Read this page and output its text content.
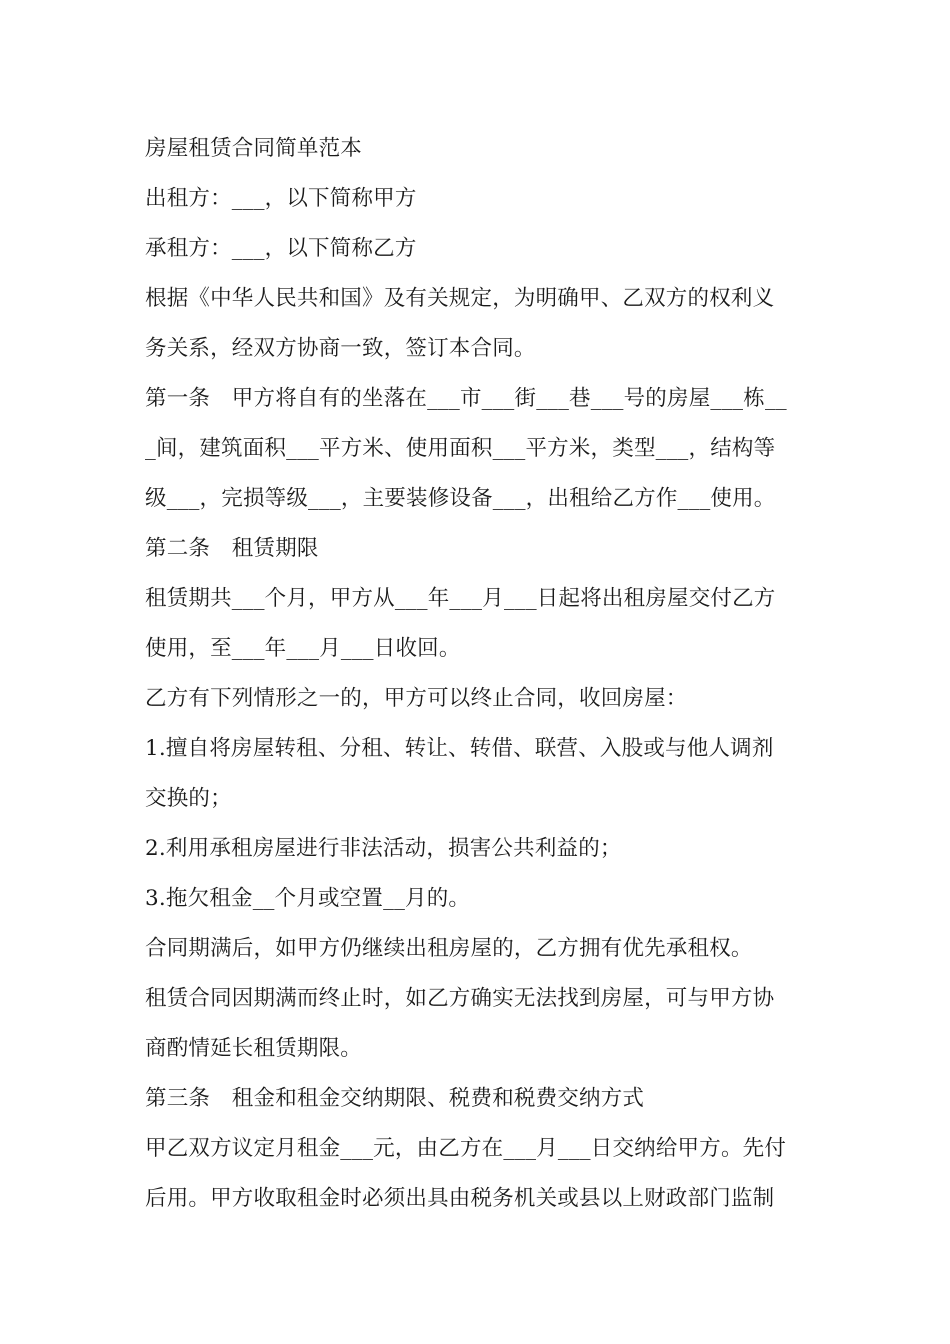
房屋租赁合同简单范本
出租方：___，以下简称甲方
承租方：___，以下简称乙方
根据《中华人民共和国》及有关规定，为明确甲、乙双方的权利义
务关系，经双方协商一致，签订本合同。
第一条　甲方将自有的坐落在___市___街___巷___号的房屋___栋__
_间，建筑面积___平方米、使用面积___平方米，类型___，结构等
级___，完损等级___，主要装修设备___，出租给乙方作___使用。
第二条　租赁期限
租赁期共___个月，甲方从___年___月___日起将出租房屋交付乙方
使用，至___年___月___日收回。
乙方有下列情形之一的，甲方可以终止合同，收回房屋：
1.擅自将房屋转租、分租、转让、转借、联营、入股或与他人调剂
交换的；
2.利用承租房屋进行非法活动，损害公共利益的；
3.拖欠租金__个月或空置__月的。
合同期满后，如甲方仍继续出租房屋的，乙方拥有优先承租权。
租赁合同因期满而终止时，如乙方确实无法找到房屋，可与甲方协
商酌情延长租赁期限。
第三条　租金和租金交纳期限、税费和税费交纳方式
甲乙双方议定月租金___元，由乙方在___月___日交纳给甲方。先付
后用。甲方收取租金时必须出具由税务机关或县以上财政部门监制
